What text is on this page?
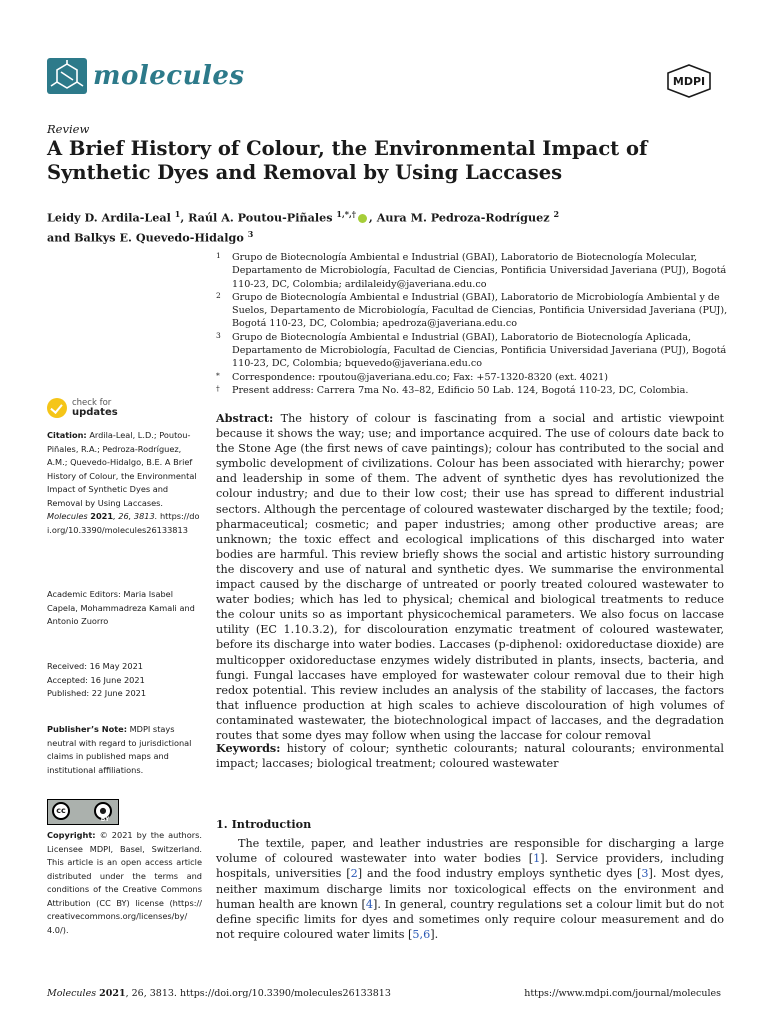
molecules	MDPI
Review
A Brief History of Colour, the Environmental Impact of Synthetic Dyes and Removal by Using Laccases
Leidy D. Ardila-Leal $^1$, Raúl A. Poutou-Piñales $^{1,*,\dagger}$ , Aura M. Pedroza-Rodríguez $^2$
and Balkys E. Quevedo-Hidalgo $^3$
1 Grupo de Biotecnología Ambiental e Industrial (GBAI), Laboratorio de Biotecnología Molecular, Departamento de Microbiología, Facultad de Ciencias, Pontificia Universidad Javeriana (PUJ), Bogotá 110-23, DC, Colombia; ardilaleidy@javeriana.edu.co
2 Grupo de Biotecnología Ambiental e Industrial (GBAI), Laboratorio de Microbiología Ambiental y de Suelos, Departamento de Microbiología, Facultad de Ciencias, Pontificia Universidad Javeriana (PUJ), Bogotá 110-23, DC, Colombia; apedroza@javeriana.edu.co
3 Grupo de Biotecnología Ambiental e Industrial (GBAI), Laboratorio de Biotecnología Aplicada, Departamento de Microbiología, Facultad de Ciencias, Pontificia Universidad Javeriana (PUJ), Bogotá 110-23, DC, Colombia; bquevedo@javeriana.edu.co
* Correspondence: rpoutou@javeriana.edu.co; Fax: +57-1320-8320 (ext. 4021)
† Present address: Carrera 7ma No. 43–82, Edificio 50 Lab. 124, Bogotá 110-23, DC, Colombia.
check for
updates
Citation: Ardila-Leal, L.D.; Poutou-Piñales, R.A.; Pedroza-Rodríguez, A.M.; Quevedo-Hidalgo, B.E. A Brief History of Colour, the Environmental Impact of Synthetic Dyes and Removal by Using Laccases. Molecules 2021, 26, 3813. https://doi.org/10.3390/molecules26133813
Academic Editors: Maria Isabel Capela, Mohammadreza Kamali and Antonio Zuorro
Received: 16 May 2021
Accepted: 16 June 2021
Published: 22 June 2021
Publisher’s Note: MDPI stays neutral with regard to jurisdictional claims in published maps and institutional affiliations.
cc	●
BY
Copyright: © 2021 by the authors. Licensee MDPI, Basel, Switzerland. This article is an open access article distributed under the terms and conditions of the Creative Commons Attribution (CC BY) license (https:// creativecommons.org/licenses/by/ 4.0/).
Abstract: The history of colour is fascinating from a social and artistic viewpoint because it shows the way; use; and importance acquired. The use of colours date back to the Stone Age (the first news of cave paintings); colour has contributed to the social and symbolic development of civilizations. Colour has been associated with hierarchy; power and leadership in some of them. The advent of synthetic dyes has revolutionized the colour industry; and due to their low cost; their use has spread to different industrial sectors. Although the percentage of coloured wastewater discharged by the textile; food; pharmaceutical; cosmetic; and paper industries; among other productive areas; are unknown; the toxic effect and ecological implications of this discharged into water bodies are harmful. This review briefly shows the social and artistic history surrounding the discovery and use of natural and synthetic dyes. We summarise the environmental impact caused by the discharge of untreated or poorly treated coloured wastewater to water bodies; which has led to physical; chemical and biological treatments to reduce the colour units so as important physicochemical parameters. We also focus on laccase utility (EC 1.10.3.2), for discolouration enzymatic treatment of coloured wastewater, before its discharge into water bodies. Laccases (p-diphenol: oxidoreductase dioxide) are multicopper oxidoreductase enzymes widely distributed in plants, insects, bacteria, and fungi. Fungal laccases have employed for wastewater colour removal due to their high redox potential. This review includes an analysis of the stability of laccases, the factors that influence production at high scales to achieve discolouration of high volumes of contaminated wastewater, the biotechnological impact of laccases, and the degradation routes that some dyes may follow when using the laccase for colour removal
Keywords: history of colour; synthetic colourants; natural colourants; environmental impact; laccases; biological treatment; coloured wastewater
1. Introduction
The textile, paper, and leather industries are responsible for discharging a large volume of coloured wastewater into water bodies [1]. Service providers, including hospitals, universities [2] and the food industry employs synthetic dyes [3]. Most dyes, neither maximum discharge limits nor toxicological effects on the environment and human health are known [4]. In general, country regulations set a colour limit but do not define specific limits for dyes and sometimes only require colour measurement and do not require coloured water limits [5,6].
Molecules 2021, 26, 3813. https://doi.org/10.3390/molecules26133813	https://www.mdpi.com/journal/molecules
